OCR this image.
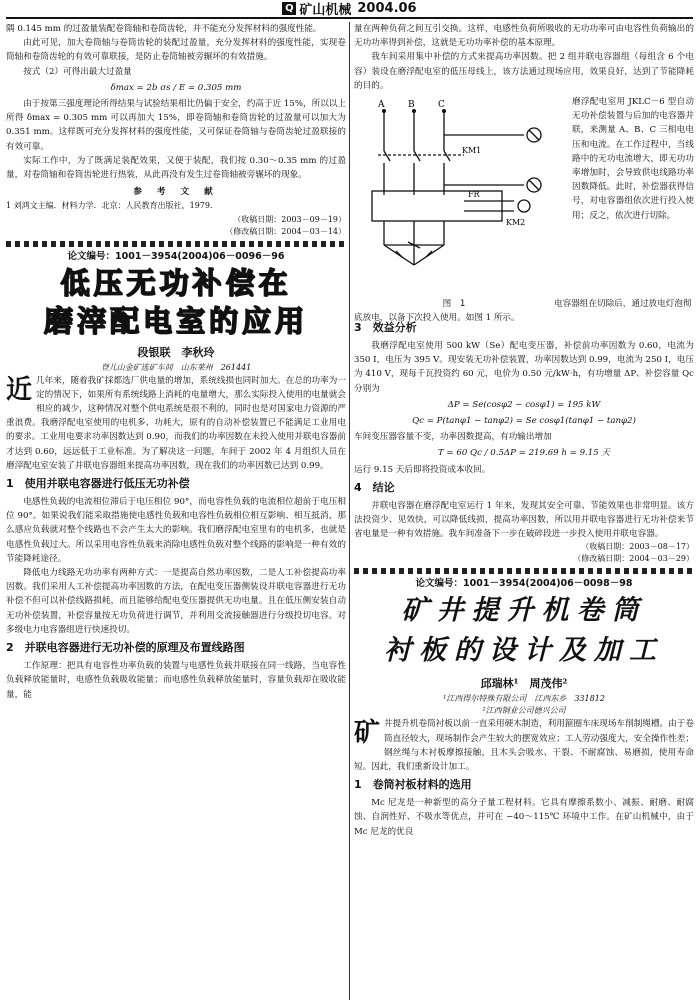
Q 矿山机械 2004.06

隅 0.145 mm 的过盈量装配卷筒轴和卷筒齿轮，并不能充分发挥材料的强度性能。

由此可见，加大卷筒轴与卷筒齿轮的装配过盈量，充分发挥材料的强度性能，实现卷筒轴和卷筒齿轮的有效可靠联接，是防止卷筒轴被旁辗坏的有效措施。

按式（2）可得出最大过盈量

δmax = 2b σs / E = 0.305 mm

由于按第三强度理论所得结果与试验结果相比仍偏于安全，约高于近 15%，所以以上所得 δmax = 0.305 mm 可以再加大 15%，即卷筒轴和卷筒齿轮的过盈量可以加大为 0.351 mm。这样既可充分发挥材料的强度性能，又可保证卷筒轴与卷筒齿轮过盈联接的有效可靠。

实际工作中，为了既满足装配效果，又便于装配，我们按 0.30～0.35 mm 的过盈量，对卷筒轴和卷筒齿轮进行热装，从此再没有发生过卷筒轴被旁辗坏的现象。

参 考 文 献

1 刘鸿文主编．材料力学．北京：人民教育出版社，1979.

（收稿日期：2003－09－19）
（修改稿日期：2004－03－14）
论文编号：1001－3954(2004)06－0096－96
低压无功补偿在
磨滓配电室的应用
段银联　李秋玲
登儿山金矿选矿车间　山东莱州　261441
近 几年来，随着我矿採都选厂供电量的增加，系统线损也同时加大。在总的功率为一定的情况下，如果所有系统线路上消耗的电量增大，那么实际投入使用的电量就会相应的减少，这种情况对整个供电系统是很不利的，同时也是对国家电力资源的严重浪费。我磨浮配电室使用的电机多、功耗大，原有的自动补偿装置已不能满足工业用电的要求。工业用电要求功率因数达到 0.90，而我们的功率因数在未投入使用并联电容器前才达到 0.60，远远低于工业标准。为了解决这一问题，车间于 2002 年 4 月组织人员在磨滓配电室安装了并联电容器组来提高功率因数，现在我们的功率因数已达到 0.99。

1　使用并联电容器进行低压无功补偿

电感性负载的电流相位滞后于电压相位 90°，而电容性负载的电流相位超前于电压相位 90°。如果说我们能采取措施使电感性负载和电容性负载相位相互影响、相互抵消，那么感应负载就对整个线路也不会产生太大的影响。我们磨浮配电室里有的电机多，也就是电感性负载过大。所以采用电容性负载来消除电感性负载对整个线路的影响是一种有效的节能降耗途径。

降低电力线路无功功率有两种方式：一是提高自然功率因数，二是人工补偿提高功率因数。我们采用人工补偿提高功率因数的方法，在配电变压器侧装设并联电容器进行无功补偿不但可以补偿线路损耗，而且能够给配电变压器提供无功电量。且在低压侧安装自动无功补偿装置，补偿容量按无功负荷进行调节，并利用交流接触器进行分级投切电容。对多级电力电容器组进行快速投切。

2　并联电容器进行无功补偿的原理及布置线路图

工作原理：把具有电容性功率负载的装置与电感性负载并联接在同一线路，当电容性负载释放能量时，电感性负载吸收能量；而电感性负载释放能量时，容量负载却在吸收能量，能

量在两种负荷之间互引交换。这样，电感性负荷所吸收的无功功率可由电容性负荷输出的无功功率得到补偿，这就是无功功率补偿的基本原理。

我车间采用集中补偿的方式来提高功率因数。把 2 组并联电容器组（每组含 6 个电容）装设在磨浮配电室的低压母线上，该方法通过现场应用，效果良好，达到了节能降耗的目的。

A	B	C
KM1
FR
KM2
磨浮配电室用 JKLC－6 型自动无功补偿装置与后加的电容器并联，来测量 A、B、C 三相电电压和电流。在工作过程中，当线路中的无功电流增大，即无功功率增加时，会导致供电线路功率因数降低。此时，补偿器获得信号，对电容器组依次进行投入使用；反之，依次进行切除。
图　1	电容器组在切除后，通过放电灯泡彻底放电，以备下次投入使用。如图 1 所示。
3　效益分析

我磨浮配电室使用 500 kW（Se）配电变压器，补偿前功率因数为 0.60，电流为 350 I，电压为 395 V。现安装无功补偿装置，功率因数达到 0.99，电流为 250 I，电压为 410 V，现每千瓦投资约 60 元，电价为 0.50 元/kW·h，有功增量 ΔP、补偿容量 Qc 分别为

ΔP = Se(cosφ2 − cosφ1) = 195 kW
Qc = P(tanφ1 − tanφ2) = Se cosφ1(tanφ1 − tanφ2)

车间变压器容量不变，功率因数提高，有功输出增加

T = 60 Qc / 0.5ΔP = 219.69 h = 9.15 天

运行 9.15 天后即将投资成本收回。

4　结论

并联电容器在磨浮配电室运行 1 年来，发现其安全可靠、节能效果也非常明显。该方法投资少、见效快，可以降低线损，提高功率因数，所以用并联电容器进行无功补偿来节省电量是一种有效措施。我车间准备下一步在破碎段进一步投入使用并联电容器。

（收稿日期：2003－08－17）
（修改稿日期：2004－03－29）
论文编号：1001－3954(2004)06－0098－98
矿井提升机卷筒
衬板的设计及加工
邱瑞林¹　周茂伟²
¹江西得尔特殊有限公司　江西东乡　331812
²江西铜业公司德兴公司
矿 井提升机卷筒衬板以前一直采用硬木制造，利用箍圈车床现场车削制绳槽。由于卷筒直径较大，现场制作会产生较大的摆宽效应；工人劳动强度大，安全操作性差；钢丝绳与木衬板摩擦接触，且木头会吸水、干裂、不耐腐蚀、易磨损，使用寿命短。因此，我们重新设计加工。

1　卷筒衬板材料的选用

Mc 尼龙是一种新型的高分子量工程材料。它具有摩擦系数小、减振、耐磨、耐腐蚀、自润性好、不吸水等优点，并可在 −40～115℃ 环境中工作。在矿山机械中，由于 Mc 尼龙的优良
